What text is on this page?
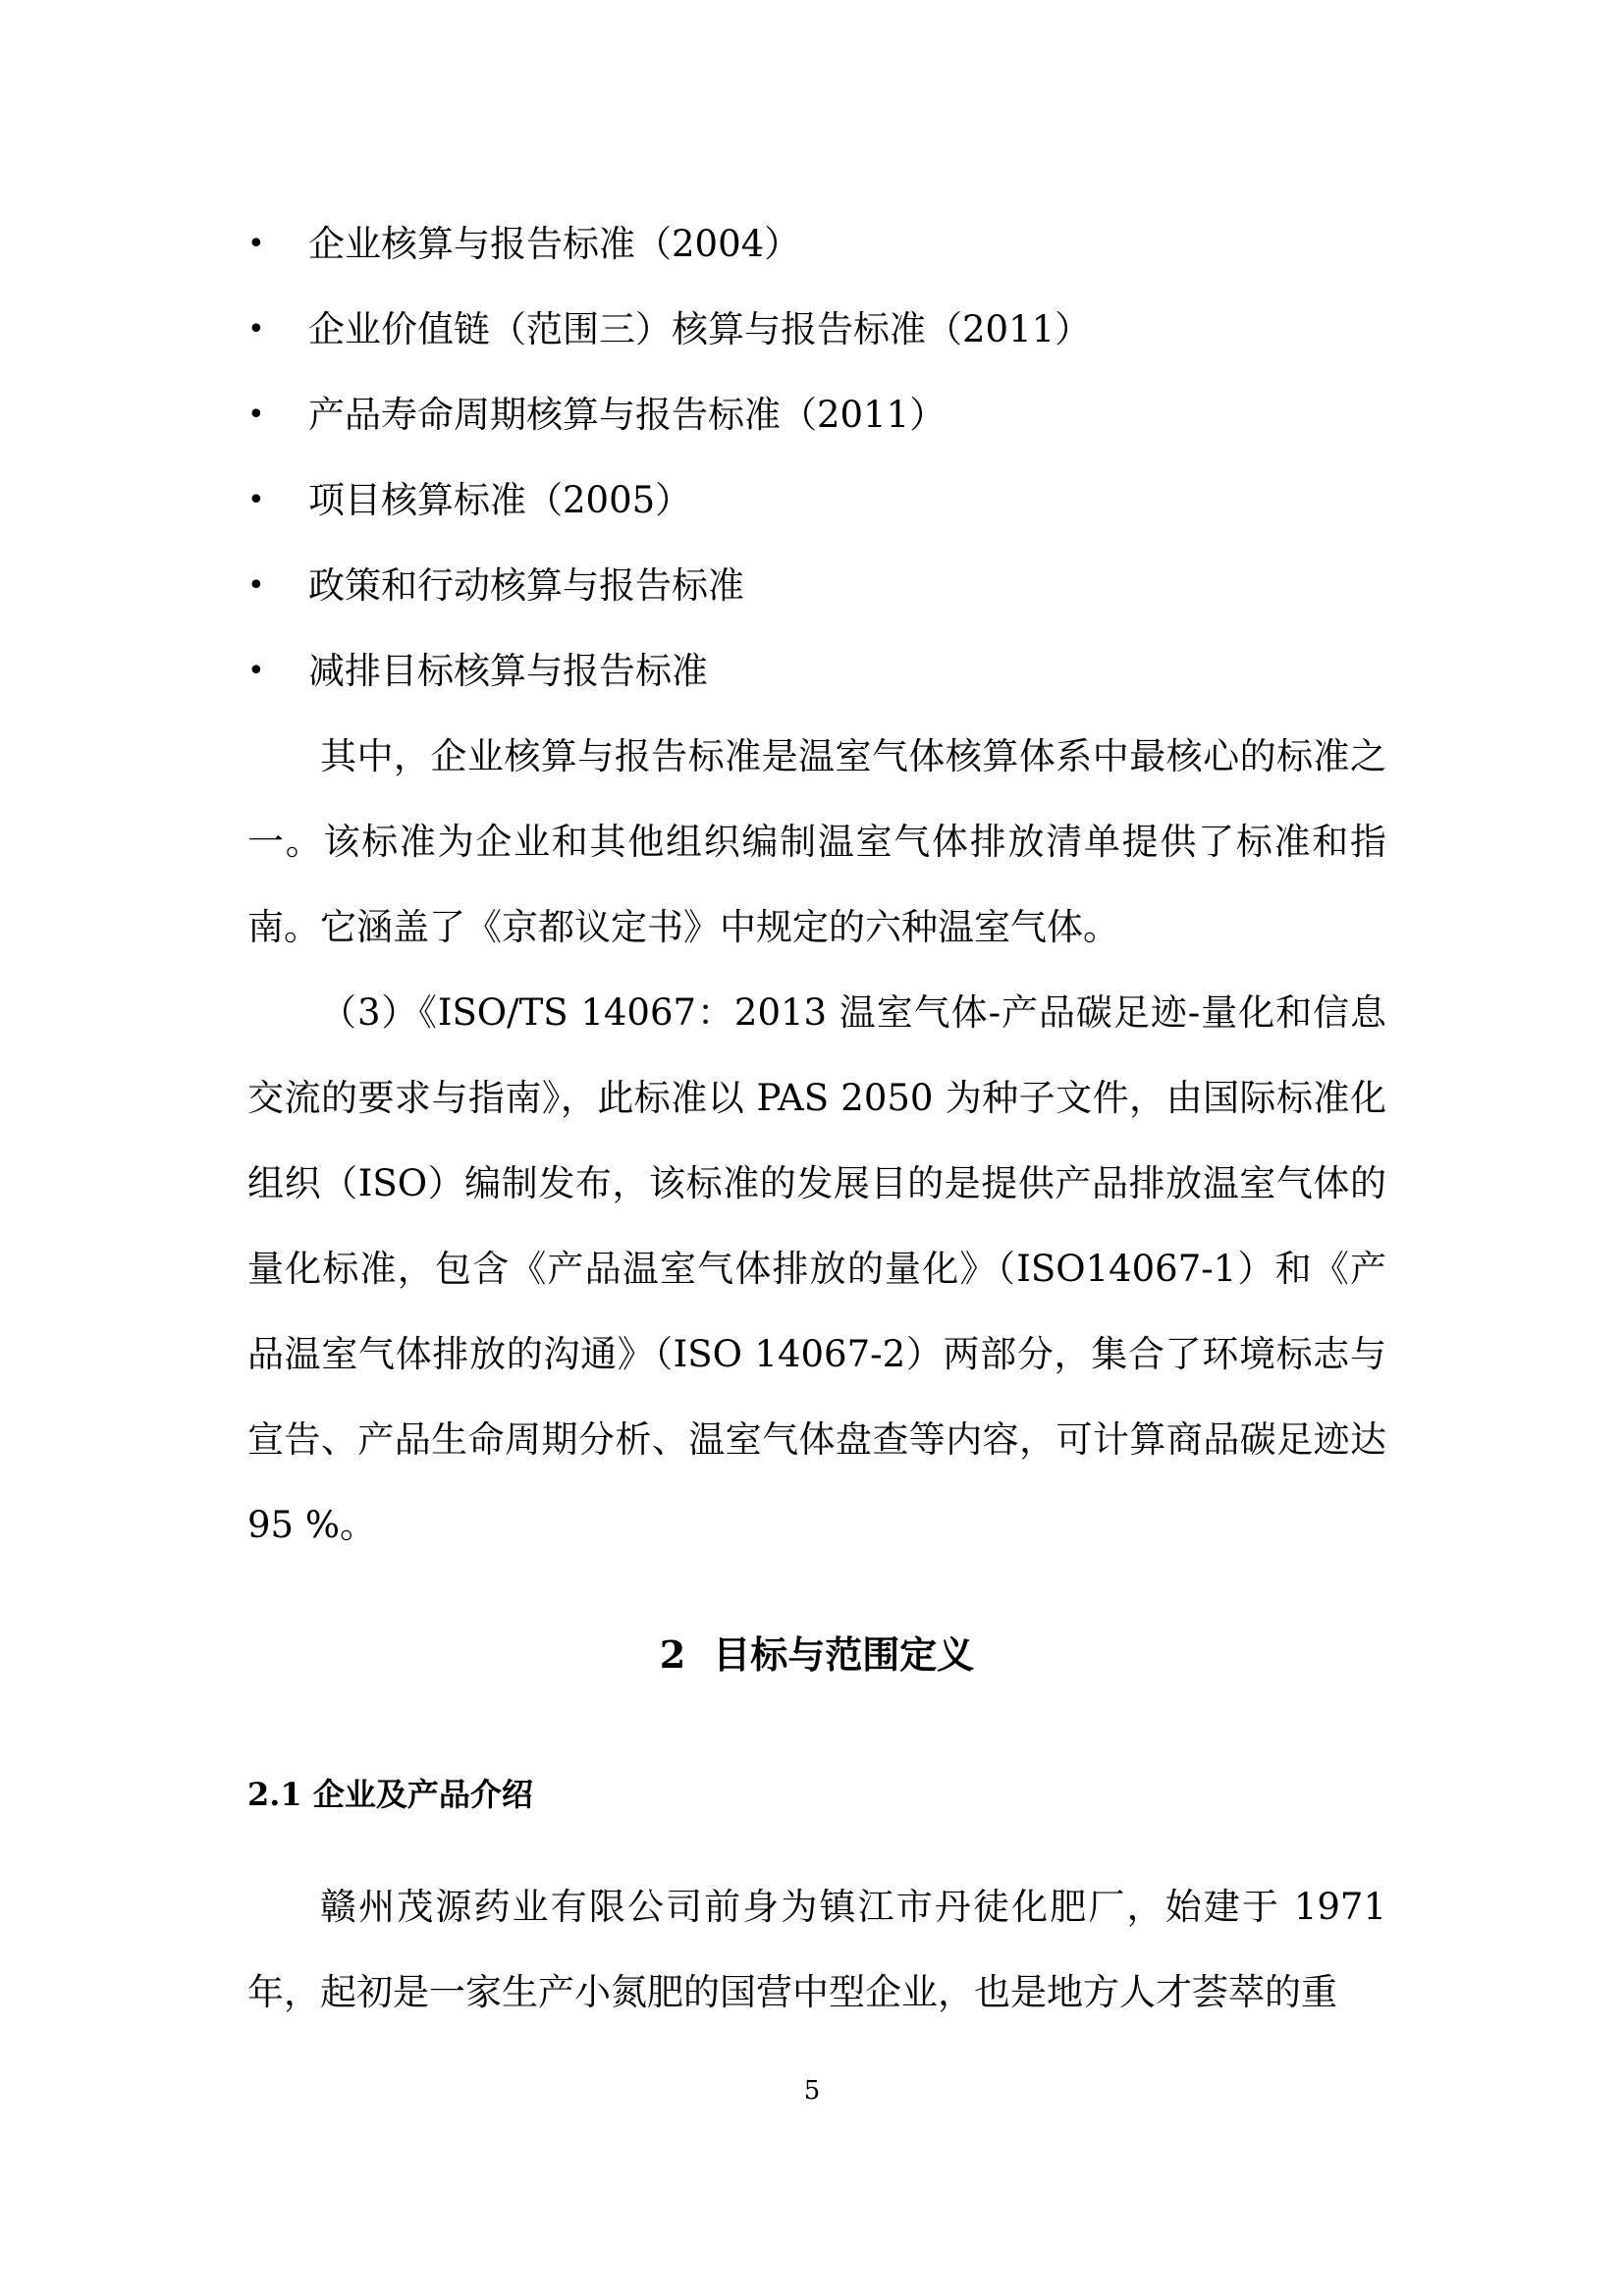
•	企业核算与报告标准（2004）
•	企业价值链（范围三）核算与报告标准（2011）
•	产品寿命周期核算与报告标准（2011）
•	项目核算标准（2005）
•	政策和行动核算与报告标准
•	减排目标核算与报告标准

其中，企业核算与报告标准是温室气体核算体系中最核心的标准之一。该标准为企业和其他组织编制温室气体排放清单提供了标准和指南。它涵盖了《京都议定书》中规定的六种温室气体。

（3）《ISO/TS 14067：2013 温室气体-产品碳足迹-量化和信息交流的要求与指南》，此标准以 PAS 2050 为种子文件，由国际标准化组织（ISO）编制发布，该标准的发展目的是提供产品排放温室气体的量化标准，包含《产品温室气体排放的量化》（ISO14067-1）和《产品温室气体排放的沟通》（ISO 14067-2）两部分，集合了环境标志与宣告、产品生命周期分析、温室气体盘查等内容，可计算商品碳足迹达 95 %。

2 目标与范围定义
2.1 企业及产品介绍

赣州茂源药业有限公司前身为镇江市丹徒化肥厂，始建于 1971 年，起初是一家生产小氮肥的国营中型企业，也是地方人才荟萃的重

5
